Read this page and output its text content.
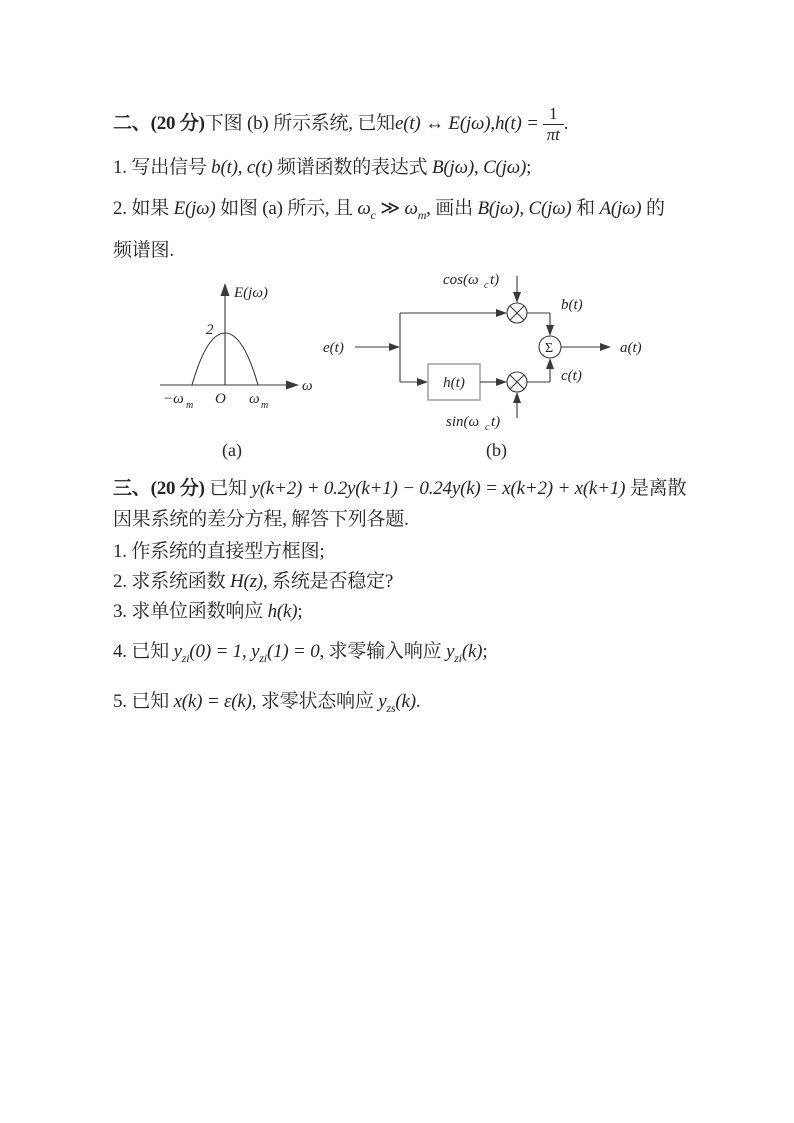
二、(20 分) 下图 (b) 所示系统, 已知 e(t) ↔ E(jω) , $h(t) = \frac{1}{\pi t}$ .
1. 写出信号 b(t), c(t) 频谱函数的表达式 B(jω), C(jω);
2. 如果 E(jω) 如图 (a) 所示, 且 $\omega_c$ ≫ $\omega_m$, 画出 B(jω), C(jω) 和 A(jω) 的
频谱图.
E(jω)
2
−ω m O ω m
ω
e(t)
cos(ω c t)
b(t)
Σ	a(t)
h(t)
sin(ω c t)
c(t)
(a)	(b)
三、(20 分) 已知 y(k+2) + 0.2y(k+1) − 0.24y(k) = x(k+2) + x(k+1) 是离散
因果系统的差分方程, 解答下列各题.
1. 作系统的直接型方框图;
2. 求系统函数 H(z), 系统是否稳定?
3. 求单位函数响应 h(k);
4. 已知 $y_{zi}(0) = 1$, $y_{zi}(1) = 0$, 求零输入响应 $y_{zi}(k)$;
5. 已知 x(k) = ε(k), 求零状态响应 $y_{zs}(k)$.
